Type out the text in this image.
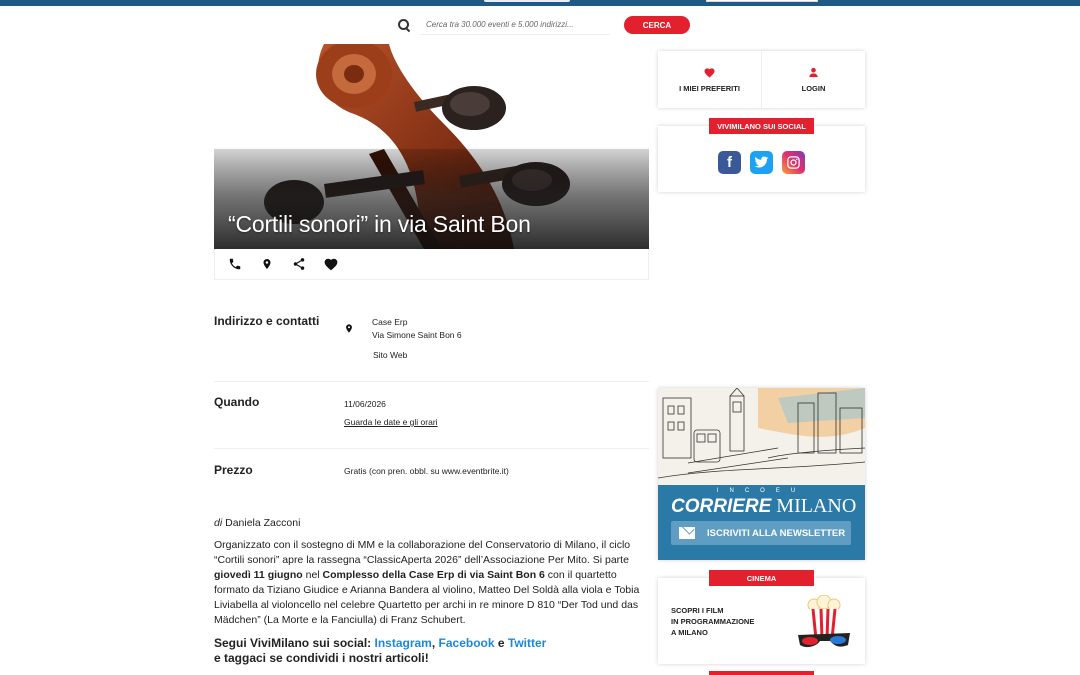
Cerca tra 30.000 eventi e 5.000 indirizzi...
CERCA
“Cortili sonori” in via Saint Bon
Indirizzo e contatti	Case Erp
Via Simone Saint Bon 6
Sito Web
Quando	11/06/2026
Guarda le date e gli orari
Prezzo	Gratis (con pren. obbl. su www.eventbrite.it)
di Daniela Zacconi

Organizzato con il sostegno di MM e la collaborazione del Conservatorio di Milano, il ciclo “Cortili sonori” apre la rassegna “ClassicAperta 2026” dell’Associazione Per Mito. Si parte giovedì 11 giugno nel Complesso della Case Erp di via Saint Bon 6 con il quartetto formato da Tiziano Giudice e Arianna Bandera al violino, Matteo Del Soldà alla viola e Tobia Liviabella al violoncello nel celebre Quartetto per archi in re minore D 810 “Der Tod und das Mädchen” (La Morte e la Fanciulla) di Franz Schubert.

Segui ViviMilano sui social: Instagram, Facebook e Twitter
e taggaci se condividi i nostri articoli!
I MIEI PREFERITI	LOGIN
VIVIMILANO SUI SOCIAL
f
INCOEU
CORRIERE MILANO
ISCRIVITI ALLA NEWSLETTER
CINEMA
SCOPRI I FILM
IN PROGRAMMAZIONE
A MILANO
